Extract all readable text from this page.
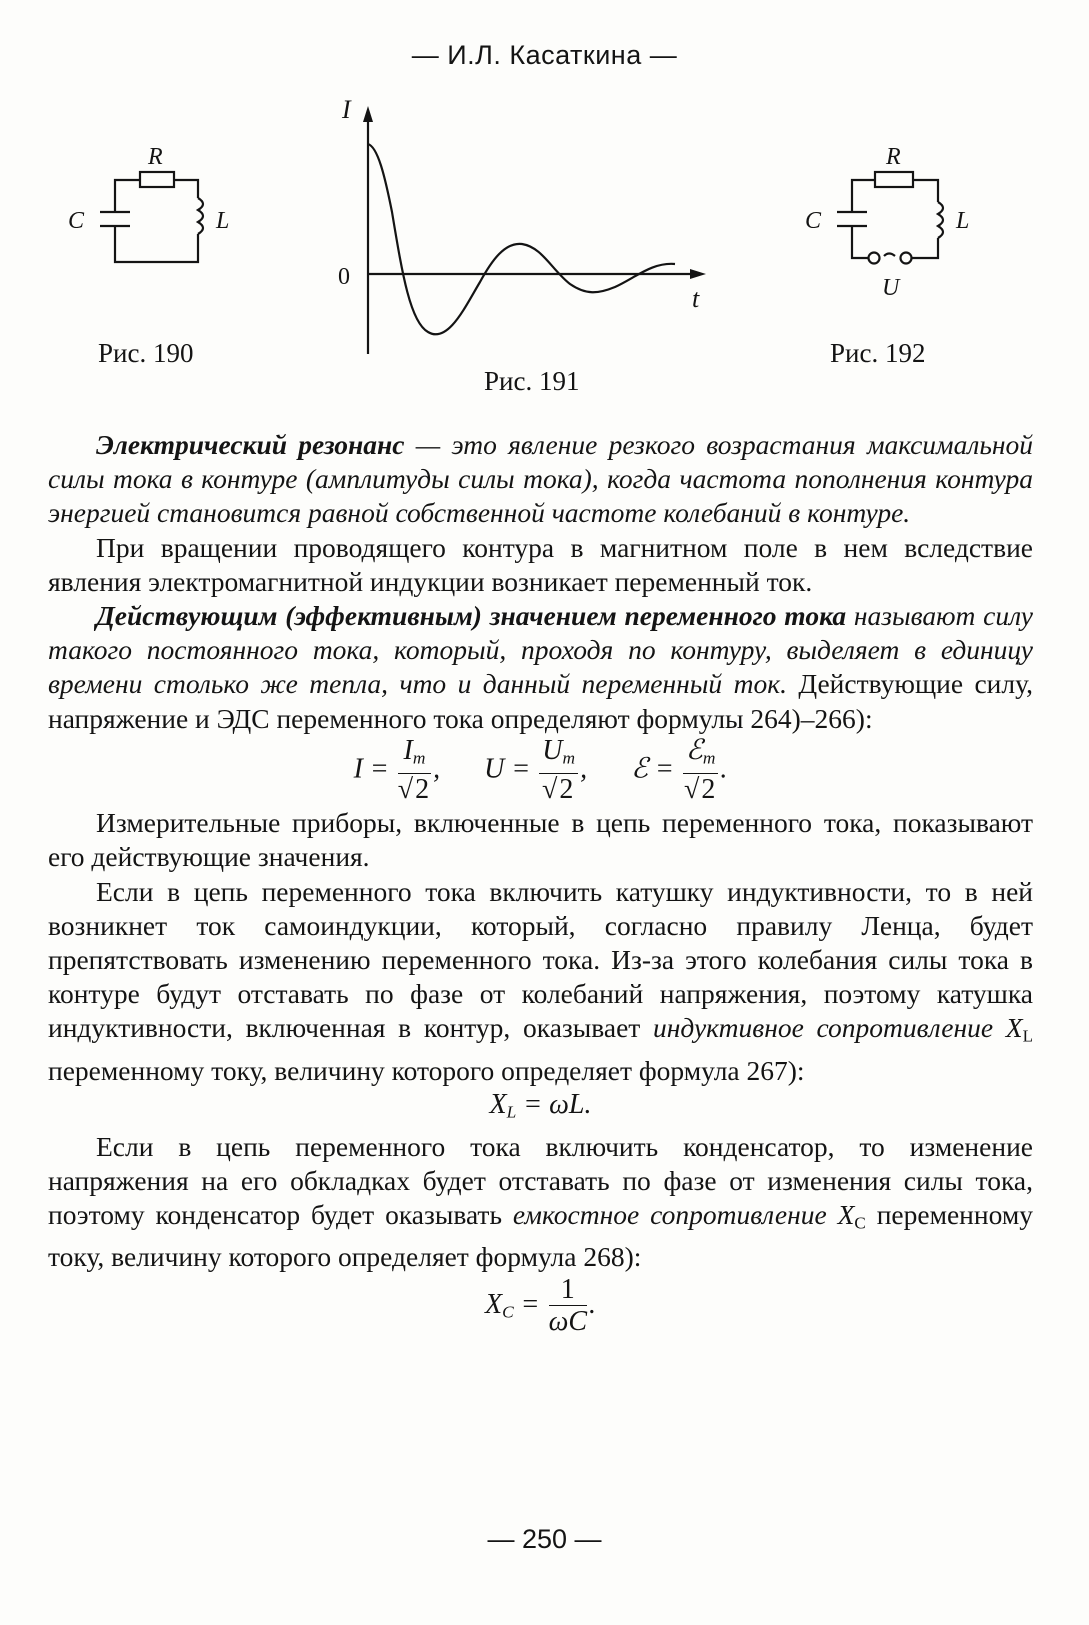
— И.Л. Касаткина —
R
C	L
Рис. 190
I
t
0
Рис. 191
R
C	L
U
Рис. 192

Электрический резонанс — это явление резкого возрастания максимальной силы тока в контуре (амплитуды силы тока), когда частота пополнения контура энергией становится равной собственной частоте колебаний в контуре.

При вращении проводящего контура в магнитном поле в нем вследствие явления электромагнитной индукции возникает переменный ток.

Действующим (эффективным) значением переменного тока называют силу такого постоянного тока, который, проходя по контуру, выделяет в единицу времени столько же тепла, что и данный переменный ток. Действующие силу, напряжение и ЭДС переменного тока определяют формулы 264)–266):

$I = \frac{I_m}{√2}$ , $U = \frac{U_m}{√2}$ , ℰ = $\frac{ℰ_m}{√2}$ .

Измерительные приборы, включенные в цепь переменного тока, показывают его действующие значения.

Если в цепь переменного тока включить катушку индуктивности, то в ней возникнет ток самоиндукции, который, согласно правилу Ленца, будет препятствовать изменению переменного тока. Из-за этого колебания силы тока в контуре будут отставать по фазе от колебаний напряжения, поэтому катушка индуктивности, включенная в контур, оказывает индуктивное сопротивление $X_L$ переменному току, величину которого определяет формула 267):

$X_L = \omega L$.

Если в цепь переменного тока включить конденсатор, то изменение напряжения на его обкладках будет отставать по фазе от изменения силы тока, поэтому конденсатор будет оказывать емкостное сопротивление $X_C$ переменному току, величину которого определяет формула 268):

$X_C = \frac{1}{\omega C}$ .

— 250 —
